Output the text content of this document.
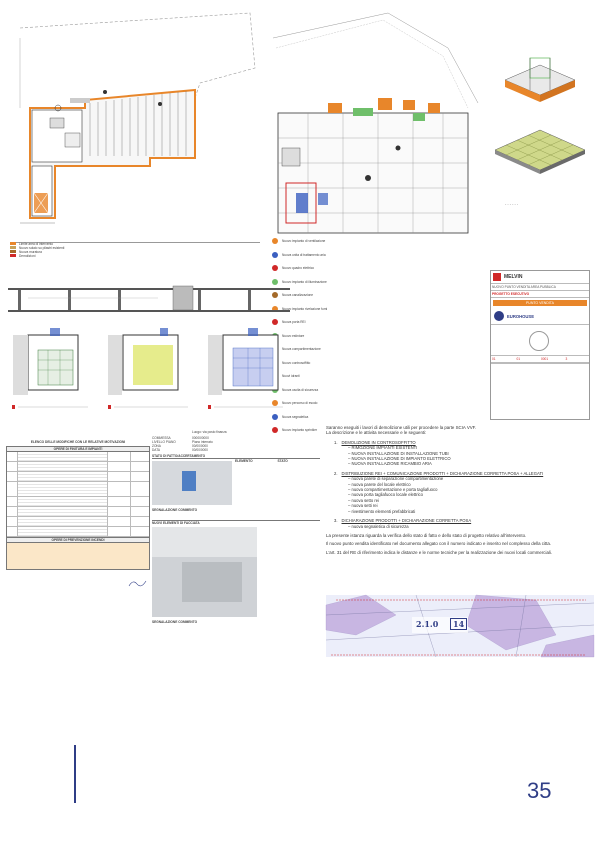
- - - - - -

Limite area di intervento
Nuovo solaio su pilastri esistenti
Nuova muratura
Demolizioni
Nuovo impianto di ventilazione
Nuova unita di trattamento aria
Nuovo quadro elettrico
Nuovo impianto di illuminazione
Nuova canalizzazione
Nuovo impianto rivelazione fumi
Nuova porta REI
Nuovo estintore
Nuova compartimentazione
Nuovo controsoffitto
Nuovi idranti
Nuova uscita di sicurezza
Nuovo percorso di esodo
Nuova segnaletica
Nuovo impianto sprinkler
MELVIN
NUOVO PUNTO VENDITA AREA PUBBLICA
PROGETTO ESECUTIVO
PUNTO VENDITA
EUROHOUSE
01	01	0001	3
ELENCO DELLE MODIFICHE CON LE RELATIVE MOTIVAZIONI
OPERE DI FINITURA E IMPIANTI
OPERE DI PREVENZIONE INCENDI
Luogo: via posto finanza
COMMESSA	00000/0000
LIVELLO PIANO	Piano interrato
ZONA	00/00/0000
DATA	00/00/0000
STATO DI FATTO/ACCERTAMENTO
ELEMENTO	STATO
SEGNALAZIONE COMMENTO
NUOVI ELEMENTI DI FACCIATA
SEGNALAZIONE COMMENTO
Saranno eseguiti i lavori di demolizione utili per procedere la parte SCIA VVF.
La descrizione e le attivita necessarie e le seguenti:
1. DEMOLIZIONE IN CONTROSOFFITTO
– RIMOZIONE IMPIANTI ESISTENTI
– NUOVA INSTALLAZIONE DI INSTALLAZIONE TUBI
– NUOVA INSTALLAZIONE DI IMPIANTO ELETTRICO
– NUOVA INSTALLAZIONE RICAMBIO ARIA
2. DISTRIBUZIONE REI + COMUNICAZIONE PRODOTTI + DICHIARAZIONE CORRETTA POSA + ALLEGATI
– nuova parete di separazione compartimentazione
– nuova parete del locale elettrico
– nuova compartimentazione e porta tagliafuoco
– nuova porta tagliafuoco locale elettrico
– nuova setto rei
– nuova setti rei
– rivestimento elementi prefabbricati
3. DICHIARAZIONE PRODOTTI + DICHIARAZIONE CORRETTA POSA
– nuova segnaletica di sicurezza
La presente istanza riguarda la verifica dello stato di fatto e dello stato di progetto relativo all'intervento.
Il nuovo punto vendita identificato nel documento allegato con il numero indicato e inserito nel complesso della citta.
L'art. 31 del RE di riferimento indica le distanze e le norme tecniche per la realizzazione dei nuovi locali commerciali.
2.1.0	14
35
